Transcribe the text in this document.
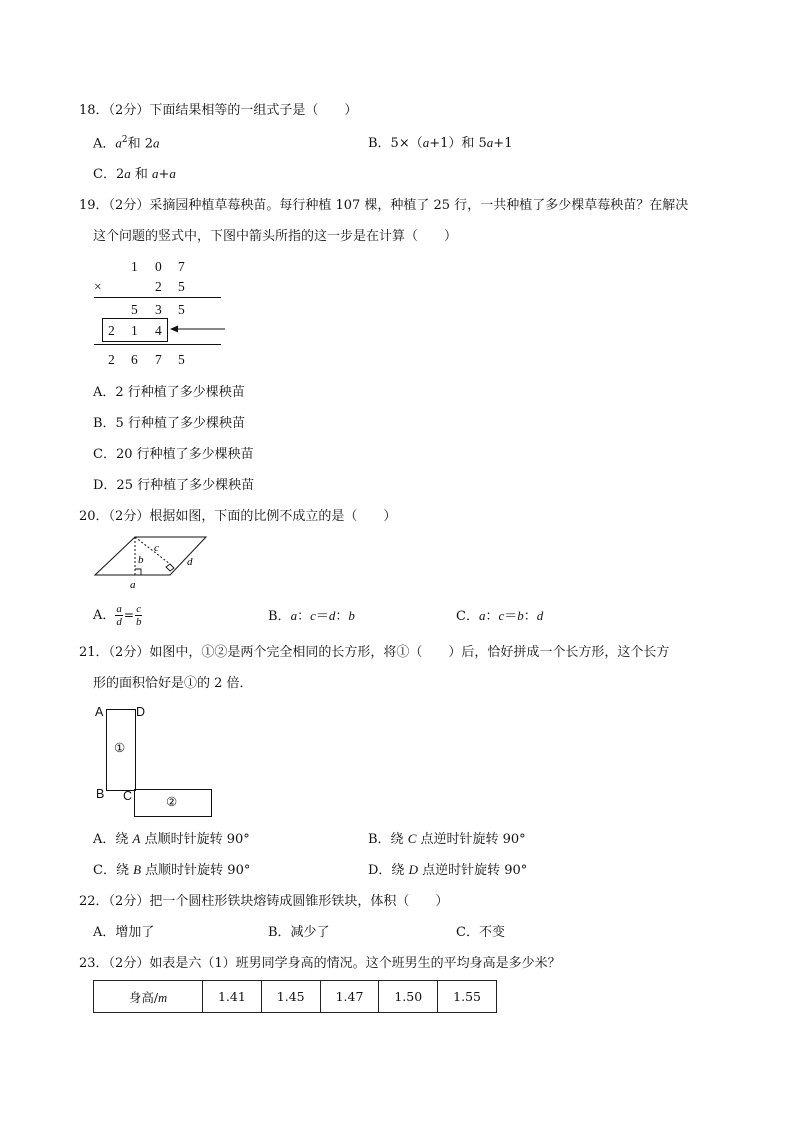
18．（2分）下面结果相等的一组式子是（　　）
A．$a^2$和 2a	B．5×（a+1）和 5a+1
C．2a 和 a+a
19．（2分）采摘园种植草莓秧苗。每行种植 107 棵，种植了 25 行，一共种植了多少棵草莓秧苗？在解决
这个问题的竖式中，下图中箭头所指的这一步是在计算（　　）
1 0 7
×	2 5
5 3 5
2 1 4
2 6 7 5
A．2 行种植了多少棵秧苗
B．5 行种植了多少棵秧苗
C．20 行种植了多少棵秧苗
D．25 行种植了多少棵秧苗
20．（2分）根据如图，下面的比例不成立的是（　　）
a
b
c
d
A． $\frac{a}{d} = \frac{c}{b}$	B．a：c＝d：b	C．a：c＝b：d
21．（2分）如图中，①②是两个完全相同的长方形，将①（　　）后，恰好拼成一个长方形，这个长方
形的面积恰好是①的 2 倍．
①
②
A	D
B C
A．绕 A 点顺时针旋转 90°	B．绕 C 点逆时针旋转 90°
C．绕 B 点顺时针旋转 90°	D．绕 D 点逆时针旋转 90°
22．（2分）把一个圆柱形铁块熔铸成圆锥形铁块，体积（　　）
A．增加了	B．减少了	C．不变
23．（2分）如表是六（1）班男同学身高的情况。这个班男生的平均身高是多少米？
身高/m	1.41	1.45	1.47	1.50	1.55
